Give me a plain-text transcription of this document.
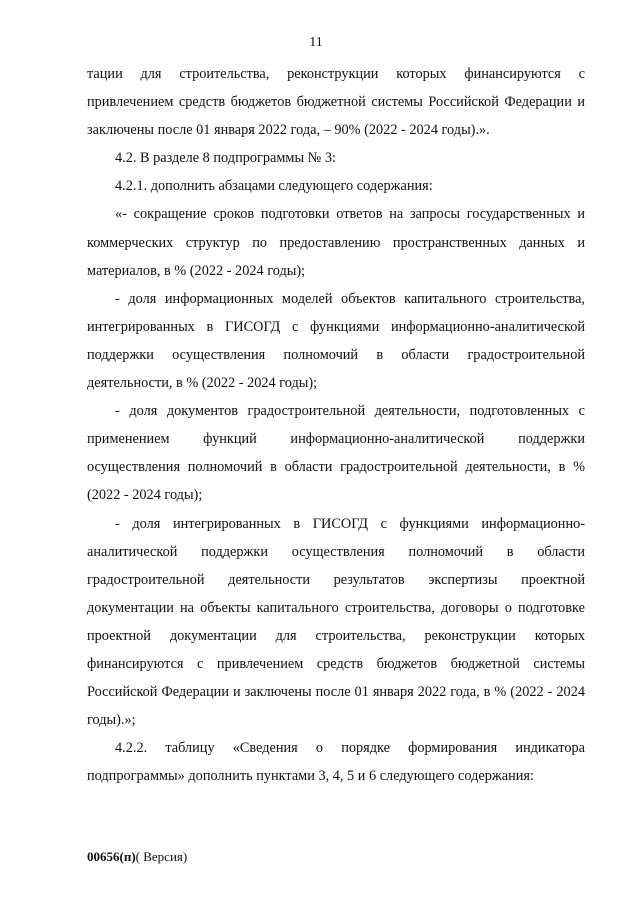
11

тации для строительства, реконструкции которых финансируются с привлечением средств бюджетов бюджетной системы Российской Федерации и заключены после 01 января 2022 года, – 90% (2022 - 2024 годы).».

4.2. В разделе 8 подпрограммы № 3:

4.2.1. дополнить абзацами следующего содержания:

«- сокращение сроков подготовки ответов на запросы государственных и коммерческих структур по предоставлению пространственных данных и материалов, в % (2022 - 2024 годы);

- доля информационных моделей объектов капитального строительства, интегрированных в ГИСОГД с функциями информационно-аналитической поддержки осуществления полномочий в области градостроительной деятельности, в % (2022 - 2024 годы);

- доля документов градостроительной деятельности, подготовленных с применением функций информационно-аналитической поддержки осуществления полномочий в области градостроительной деятельности, в % (2022 - 2024 годы);

- доля интегрированных в ГИСОГД с функциями информационно-аналитической поддержки осуществления полномочий в области градостроительной деятельности результатов экспертизы проектной документации на объекты капитального строительства, договоры о подготовке проектной документации для строительства, реконструкции которых финансируются с привлечением средств бюджетов бюджетной системы Российской Федерации и заключены после 01 января 2022 года, в % (2022 - 2024 годы).»;

4.2.2. таблицу «Сведения о порядке формирования индикатора подпрограммы» дополнить пунктами 3, 4, 5 и 6 следующего содержания:

00656(п)( Версия)
